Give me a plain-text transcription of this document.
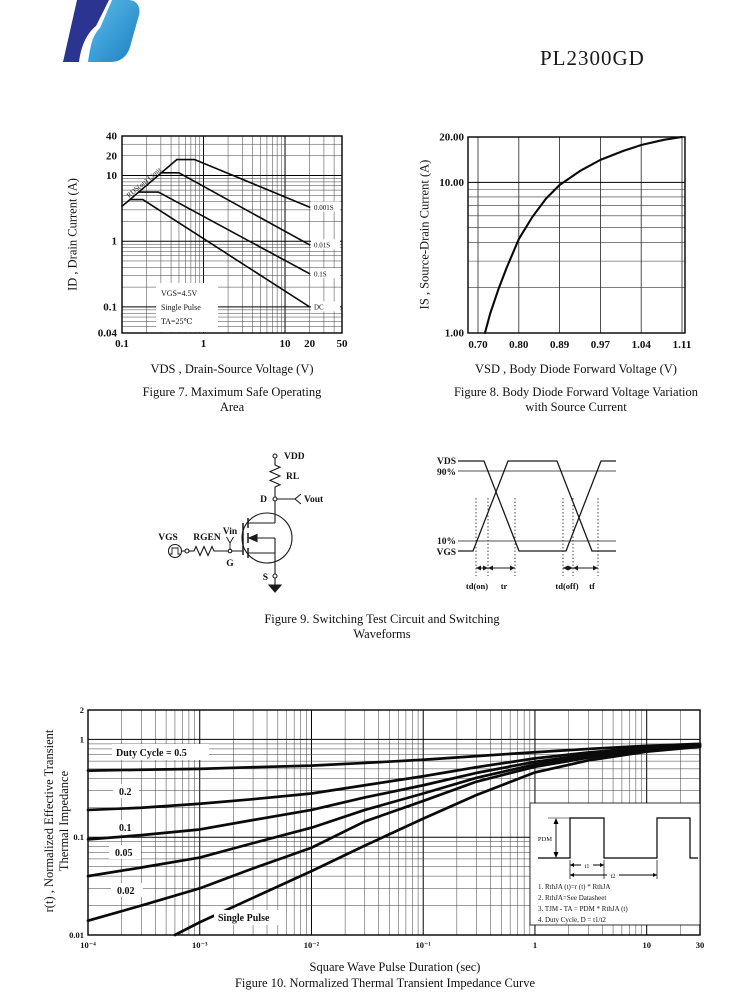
PL2300GD
VGS=4.5V
Single Pulse
TA=25℃
0.001S
0.01S
0.1S
DC
RDS(on) Limit
40
20
10
1
0.1
0.04
0.1	1	10 20 50
ID , Drain Current (A)
VDS , Drain-Source Voltage (V)
Figure 7. Maximum Safe Operating
Area
20.00
10.00
1.00
0.70 0.80 0.89 0.97 1.04 1.11
IS , Source-Drain Current (A)
VSD , Body Diode Forward Voltage (V)
Figure 8. Body Diode Forward Voltage Variation
with Source Current
VDD
RL
D	Vout
Vin
VGS RGEN
G
S
VDS
90%
10%
VGS
td(on) tr	td(off) tf
Figure 9. Switching Test Circuit and Switching
Waveforms
Duty Cycle = 0.5
0.2
0.1
0.05
0.02
Single Pulse
2
1
0.1
0.01
10⁻⁴	10⁻³	10⁻²	10⁻¹	1	10	30
PDM
t1
t2
1. RthJA (t)=r (t) * RthJA
2. RthJA=See Datasheet
3. TJM - TA = PDM * RthJA (t)
4. Duty Cycle, D = t1/t2
r(t) , Normalized Effective Transient Thermal Impedance
Square Wave Pulse Duration (sec)
Figure 10. Normalized Thermal Transient Impedance Curve
